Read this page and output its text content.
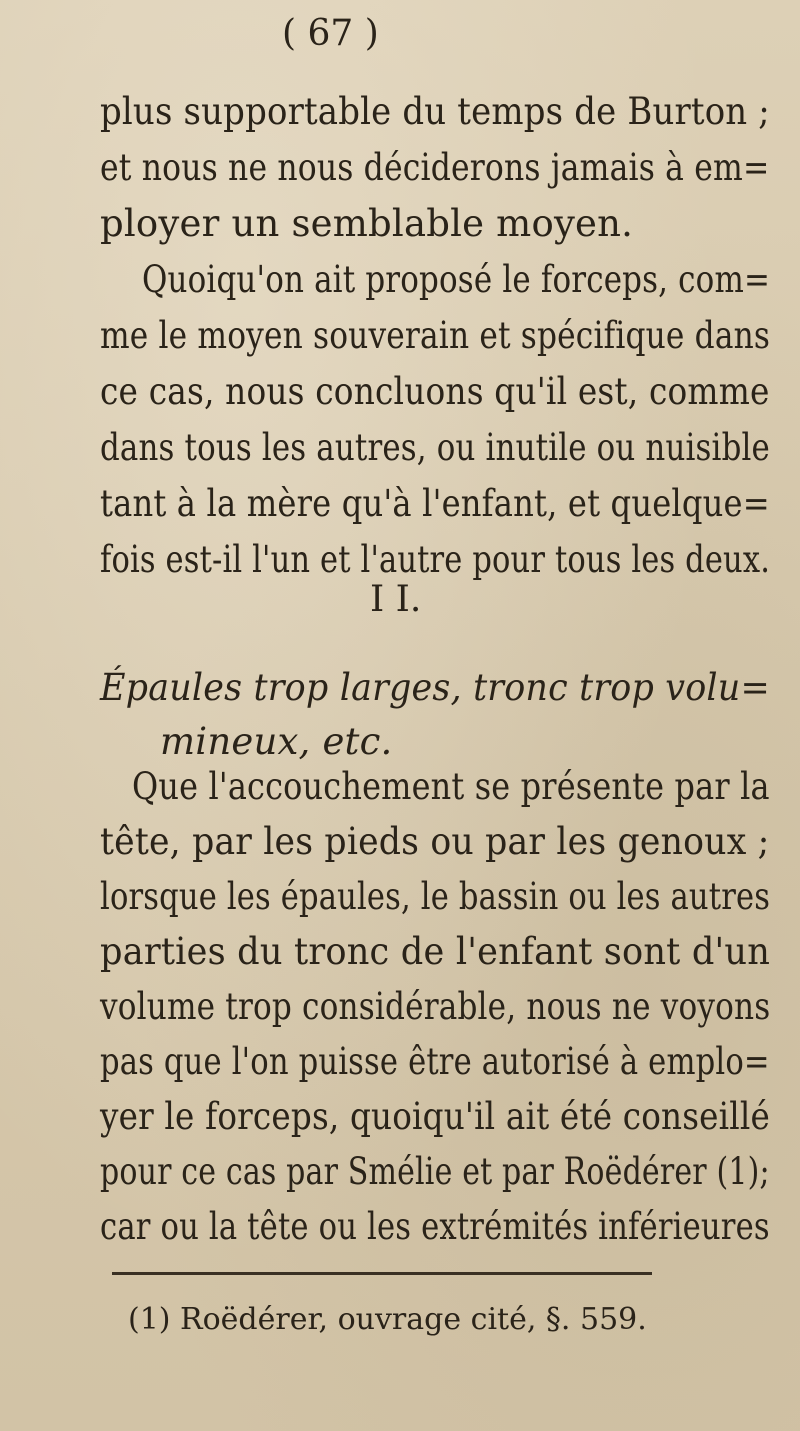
( 67 )
plus supportable du temps de Burton ;
et nous ne nous déciderons jamais à em=
ployer un semblable moyen.
Quoiqu'on ait proposé le forceps, com=
me le moyen souverain et spécifique dans
ce cas, nous concluons qu'il est, comme
dans tous les autres, ou inutile ou nuisible
tant à la mère qu'à l'enfant, et quelque=
fois est-il l'un et l'autre pour tous les deux.
I I.
Épaules trop larges, tronc trop volu=
mineux, etc.
Que l'accouchement se présente par la
tête, par les pieds ou par les genoux ;
lorsque les épaules, le bassin ou les autres
parties du tronc de l'enfant sont d'un
volume trop considérable, nous ne voyons
pas que l'on puisse être autorisé à emplo=
yer le forceps, quoiqu'il ait été conseillé
pour ce cas par Smélie et par Roëdérer (1);
car ou la tête ou les extrémités inférieures
(1) Roëdérer, ouvrage cité, §. 559.
